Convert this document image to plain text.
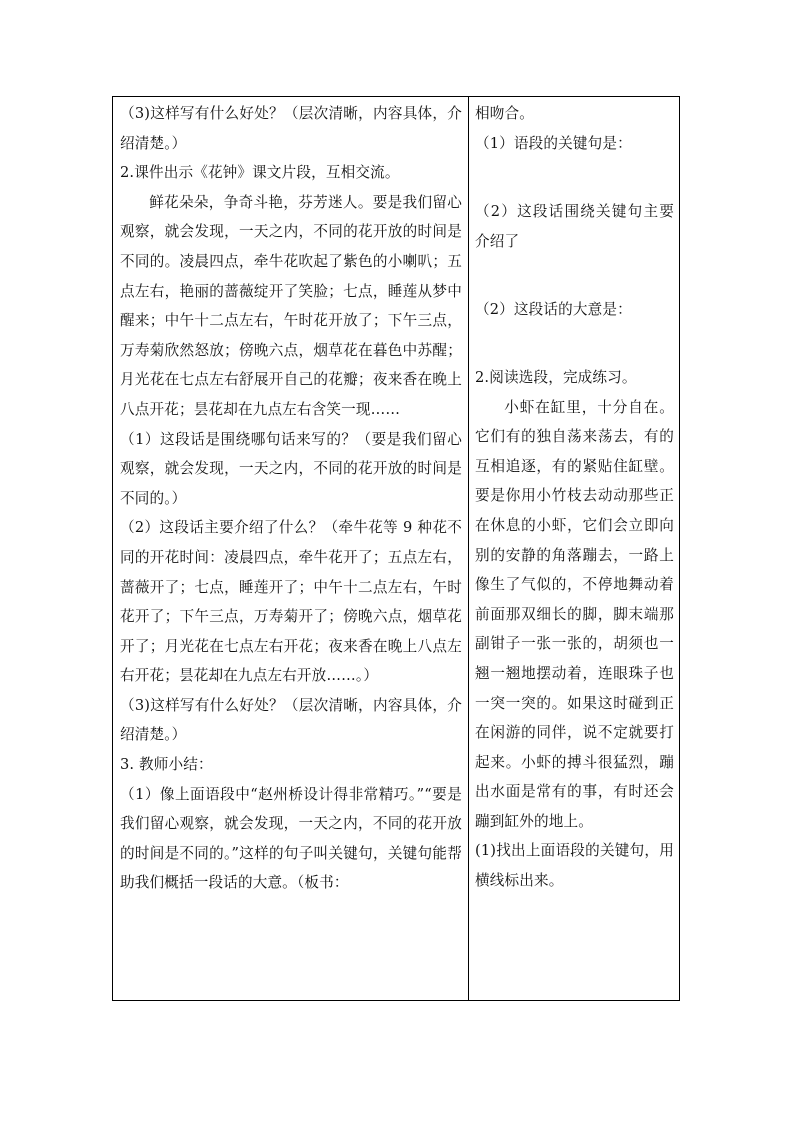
（3)这样写有什么好处？（层次清晰，内容具体，介绍清楚。）

2.课件出示《花钟》课文片段，互相交流。

鲜花朵朵，争奇斗艳，芬芳迷人。要是我们留心观察，就会发现，一天之内，不同的花开放的时间是不同的。凌晨四点，牵牛花吹起了紫色的小喇叭；五点左右，艳丽的蔷薇绽开了笑脸；七点，睡莲从梦中醒来；中午十二点左右，午时花开放了；下午三点，万寿菊欣然怒放；傍晚六点，烟草花在暮色中苏醒；月光花在七点左右舒展开自己的花瓣；夜来香在晚上八点开花；昙花却在九点左右含笑一现……

（1）这段话是围绕哪句话来写的？（要是我们留心观察，就会发现，一天之内，不同的花开放的时间是不同的。）

（2）这段话主要介绍了什么？（牵牛花等 9 种花不同的开花时间：凌晨四点，牵牛花开了；五点左右，蔷薇开了；七点，睡莲开了；中午十二点左右，午时花开了；下午三点，万寿菊开了；傍晚六点，烟草花开了；月光花在七点左右开花；夜来香在晚上八点左右开花；昙花却在九点左右开放……。）

（3)这样写有什么好处？（层次清晰，内容具体，介绍清楚。）

3. 教师小结：

（1）像上面语段中“赵州桥设计得非常精巧。”“要是我们留心观察，就会发现，一天之内，不同的花开放的时间是不同的。”这样的句子叫关键句，关键句能帮助我们概括一段话的大意。（板书：

相吻合。

（1）语段的关键句是：

（2）这段话围绕关键句主要介绍了

（2）这段话的大意是：

2.阅读选段，完成练习。

小虾在缸里，十分自在。它们有的独自荡来荡去，有的互相追逐，有的紧贴住缸壁。要是你用小竹枝去动动那些正在休息的小虾，它们会立即向别的安静的角落蹦去，一路上像生了气似的，不停地舞动着前面那双细长的脚，脚末端那副钳子一张一张的，胡须也一翘一翘地摆动着，连眼珠子也一突一突的。如果这时碰到正在闲游的同伴，说不定就要打起来。小虾的搏斗很猛烈，蹦出水面是常有的事，有时还会蹦到缸外的地上。

(1)找出上面语段的关键句，用横线标出来。
